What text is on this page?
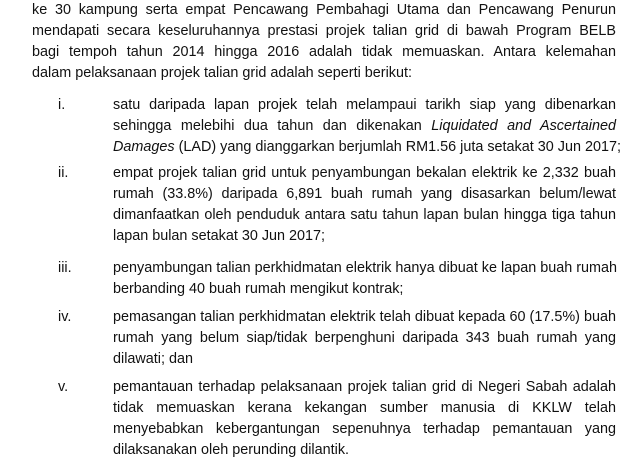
ke 30 kampung serta empat Pencawang Pembahagi Utama dan Pencawang Penurun
mendapati secara keseluruhannya prestasi projek talian grid di bawah Program BELB
bagi tempoh tahun 2014 hingga 2016 adalah tidak memuaskan. Antara kelemahan
dalam pelaksanaan projek talian grid adalah seperti berikut:
i.	satu daripada lapan projek telah melampaui tarikh siap yang dibenarkan
sehingga melebihi dua tahun dan dikenakan Liquidated and Ascertained
Damages (LAD) yang dianggarkan berjumlah RM1.56 juta setakat 30 Jun 2017;
ii.	empat projek talian grid untuk penyambungan bekalan elektrik ke 2,332 buah
rumah (33.8%) daripada 6,891 buah rumah yang disasarkan belum/lewat
dimanfaatkan oleh penduduk antara satu tahun lapan bulan hingga tiga tahun
lapan bulan setakat 30 Jun 2017;
iii.	penyambungan talian perkhidmatan elektrik hanya dibuat ke lapan buah rumah
berbanding 40 buah rumah mengikut kontrak;
iv.	pemasangan talian perkhidmatan elektrik telah dibuat kepada 60 (17.5%) buah
rumah yang belum siap/tidak berpenghuni daripada 343 buah rumah yang
dilawati; dan
v.	pemantauan terhadap pelaksanaan projek talian grid di Negeri Sabah adalah
tidak memuaskan kerana kekangan sumber manusia di KKLW telah
menyebabkan kebergantungan sepenuhnya terhadap pemantauan yang
dilaksanakan oleh perunding dilantik.
